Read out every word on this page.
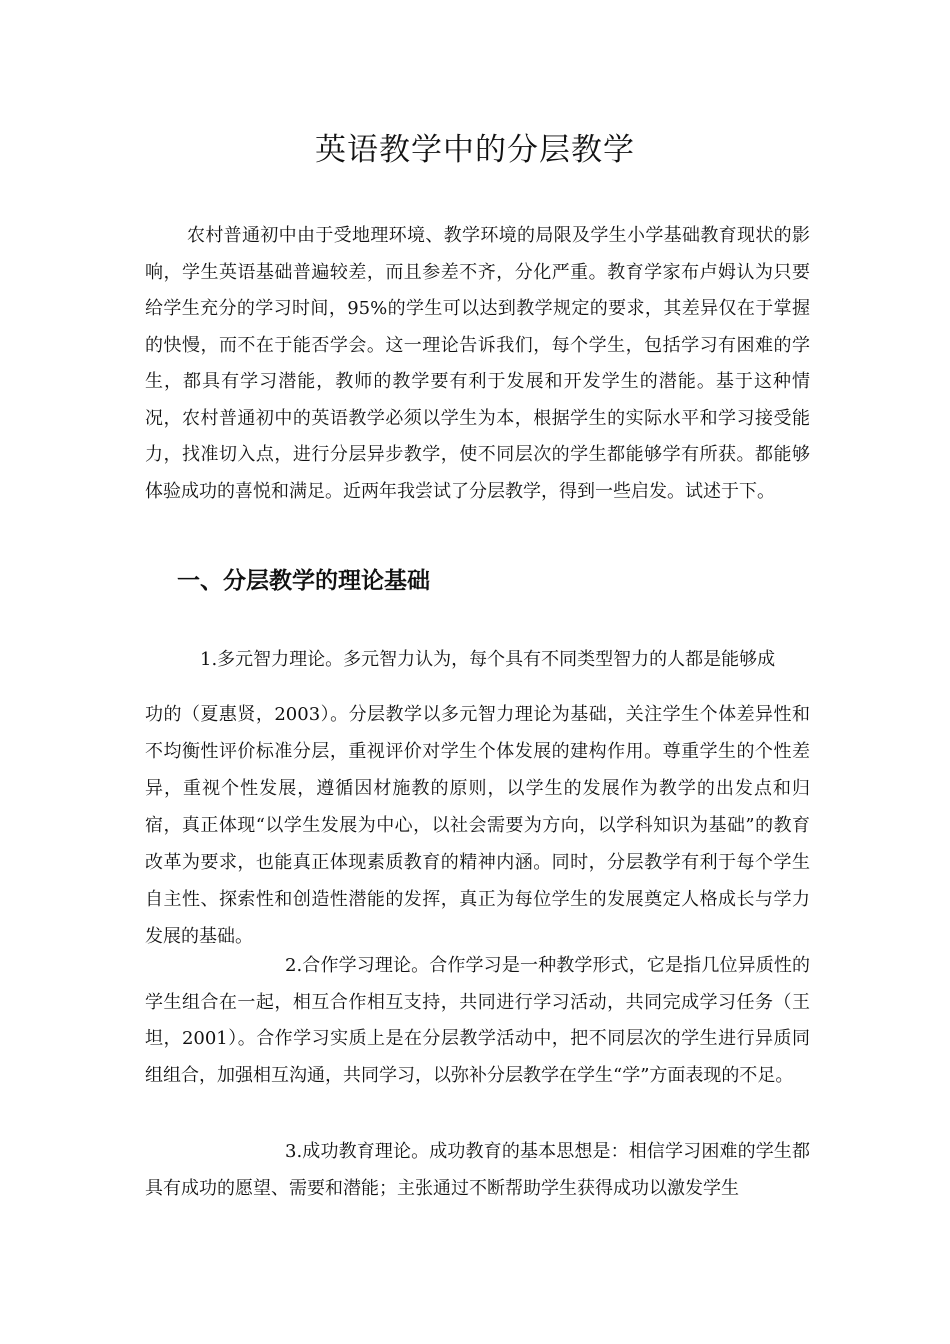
英语教学中的分层教学

农村普通初中由于受地理环境、教学环境的局限及学生小学基础教育现状的影响，学生英语基础普遍较差，而且参差不齐，分化严重。教育学家布卢姆认为只要给学生充分的学习时间，95%的学生可以达到教学规定的要求，其差异仅在于掌握的快慢，而不在于能否学会。这一理论告诉我们，每个学生，包括学习有困难的学生，都具有学习潜能，教师的教学要有利于发展和开发学生的潜能。基于这种情况，农村普通初中的英语教学必须以学生为本，根据学生的实际水平和学习接受能力，找准切入点，进行分层异步教学，使不同层次的学生都能够学有所获。都能够体验成功的喜悦和满足。近两年我尝试了分层教学，得到一些启发。试述于下。

一、分层教学的理论基础
1.多元智力理论。多元智力认为，每个具有不同类型智力的人都是能够成
功的（夏惠贤，2003）。分层教学以多元智力理论为基础，关注学生个体差异性和不均衡性评价标准分层，重视评价对学生个体发展的建构作用。尊重学生的个性差异，重视个性发展，遵循因材施教的原则，以学生的发展作为教学的出发点和归宿，真正体现“以学生发展为中心，以社会需要为方向，以学科知识为基础”的教育改革为要求，也能真正体现素质教育的精神内涵。同时，分层教学有利于每个学生自主性、探索性和创造性潜能的发挥，真正为每位学生的发展奠定人格成长与学力发展的基础。

2.合作学习理论。合作学习是一种教学形式，它是指几位异质性的学生组合在一起，相互合作相互支持，共同进行学习活动，共同完成学习任务（王坦，2001）。合作学习实质上是在分层教学活动中，把不同层次的学生进行异质同组组合，加强相互沟通，共同学习，以弥补分层教学在学生“学”方面表现的不足。

3.成功教育理论。成功教育的基本思想是：相信学习困难的学生都具有成功的愿望、需要和潜能；主张通过不断帮助学生获得成功以激发学生
